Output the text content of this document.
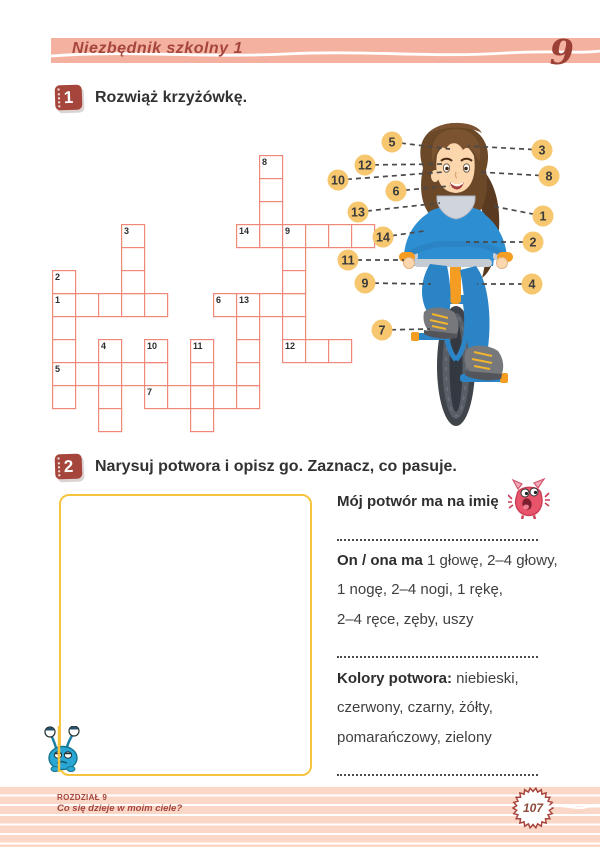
Niezbędnik szkolny 1	9
1	Rozwiąż krzyżówkę.
1
2
3
4
5
6
7
8
9
10	11	12
13
14
5
12
10
6
13
14
11
9
7
3
8
1
2
4
2	Narysuj potwora i opisz go. Zaznacz, co pasuje.
Mój potwór ma na imię
On / ona ma 1 głowę, 2–4 głowy,
1 nogę, 2–4 nogi, 1 rękę,
2–4 ręce, zęby, uszy
Kolory potwora: niebieski,
czerwony, czarny, żółty,
pomarańczowy, zielony
ROZDZIAŁ 9
Co się dzieje w moim ciele?	107
